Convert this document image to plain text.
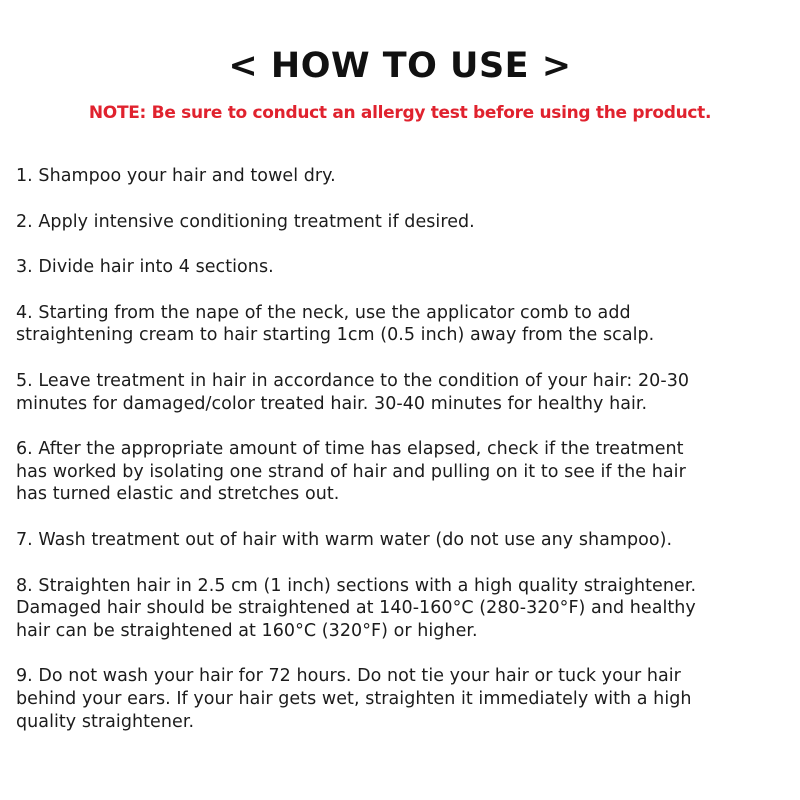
< HOW TO USE >
NOTE: Be sure to conduct an allergy test before using the product.
1. Shampoo your hair and towel dry.
2. Apply intensive conditioning treatment if desired.
3. Divide hair into 4 sections.
4. Starting from the nape of the neck, use the applicator comb to add
straightening cream to hair starting 1cm (0.5 inch) away from the scalp.
5. Leave treatment in hair in accordance to the condition of your hair: 20-30
minutes for damaged/color treated hair. 30-40 minutes for healthy hair.
6. After the appropriate amount of time has elapsed, check if the treatment
has worked by isolating one strand of hair and pulling on it to see if the hair
has turned elastic and stretches out.
7. Wash treatment out of hair with warm water (do not use any shampoo).
8. Straighten hair in 2.5 cm (1 inch) sections with a high quality straightener.
Damaged hair should be straightened at 140-160°C (280-320°F) and healthy
hair can be straightened at 160°C (320°F) or higher.
9. Do not wash your hair for 72 hours. Do not tie your hair or tuck your hair
behind your ears. If your hair gets wet, straighten it immediately with a high
quality straightener.
